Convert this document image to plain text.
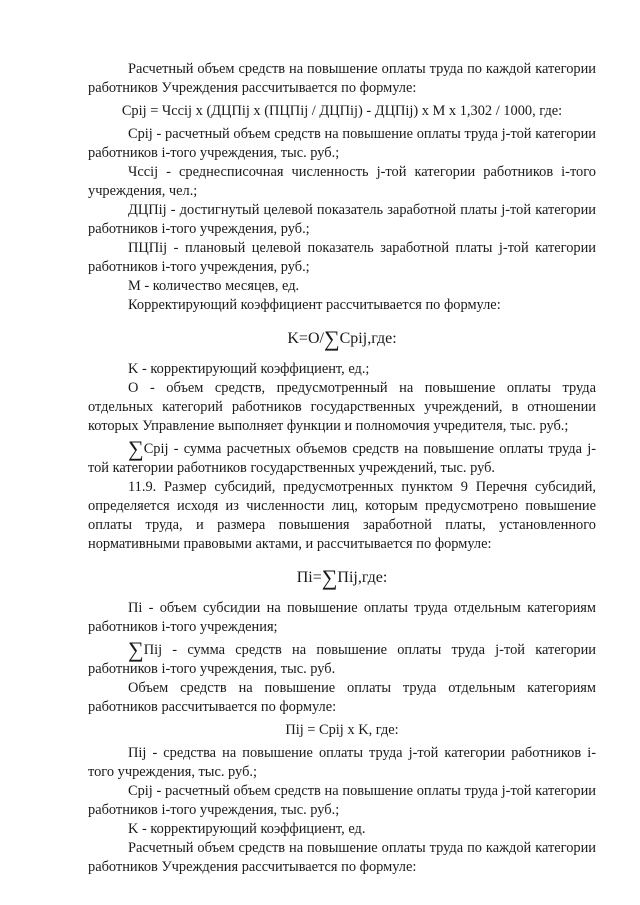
Расчетный объем средств на повышение оплаты труда по каждой категории работников Учреждения рассчитывается по формуле:

Cpij = Чссij x (ДЦПij x (ПЦПij / ДЦПij) - ДЦПij) x M x 1,302 / 1000, где:

Cpij - расчетный объем средств на повышение оплаты труда j-той категории работников i-того учреждения, тыс. руб.;

Чссij - среднесписочная численность j-той категории работников i-того учреждения, чел.;

ДЦПij - достигнутый целевой показатель заработной платы j-той категории работников i-того учреждения, руб.;

ПЦПij - плановый целевой показатель заработной платы j-той категории работников i-того учреждения, руб.;

M - количество месяцев, ед.

Корректирующий коэффициент рассчитывается по формуле:

K=O/∑Cpij,где:

K - корректирующий коэффициент, ед.;

O - объем средств, предусмотренный на повышение оплаты труда отдельных категорий работников государственных учреждений, в отношении которых Управление выполняет функции и полномочия учредителя, тыс. руб.;

∑Cpij - сумма расчетных объемов средств на повышение оплаты труда j-той категории работников государственных учреждений, тыс. руб.

11.9. Размер субсидий, предусмотренных пунктом 9 Перечня субсидий, определяется исходя из численности лиц, которым предусмотрено повышение оплаты труда, и размера повышения заработной платы, установленного нормативными правовыми актами, и рассчитывается по формуле:

Пi=∑Пij,где:

Пi - объем субсидии на повышение оплаты труда отдельным категориям работников i-того учреждения;

∑Пij - сумма средств на повышение оплаты труда j-той категории работников i-того учреждения, тыс. руб.

Объем средств на повышение оплаты труда отдельным категориям работников рассчитывается по формуле:

Пij = Cpij x K, где:

Пij - средства на повышение оплаты труда j-той категории работников i-того учреждения, тыс. руб.;

Cpij - расчетный объем средств на повышение оплаты труда j-той категории работников i-того учреждения, тыс. руб.;

K - корректирующий коэффициент, ед.

Расчетный объем средств на повышение оплаты труда по каждой категории работников Учреждения рассчитывается по формуле:
